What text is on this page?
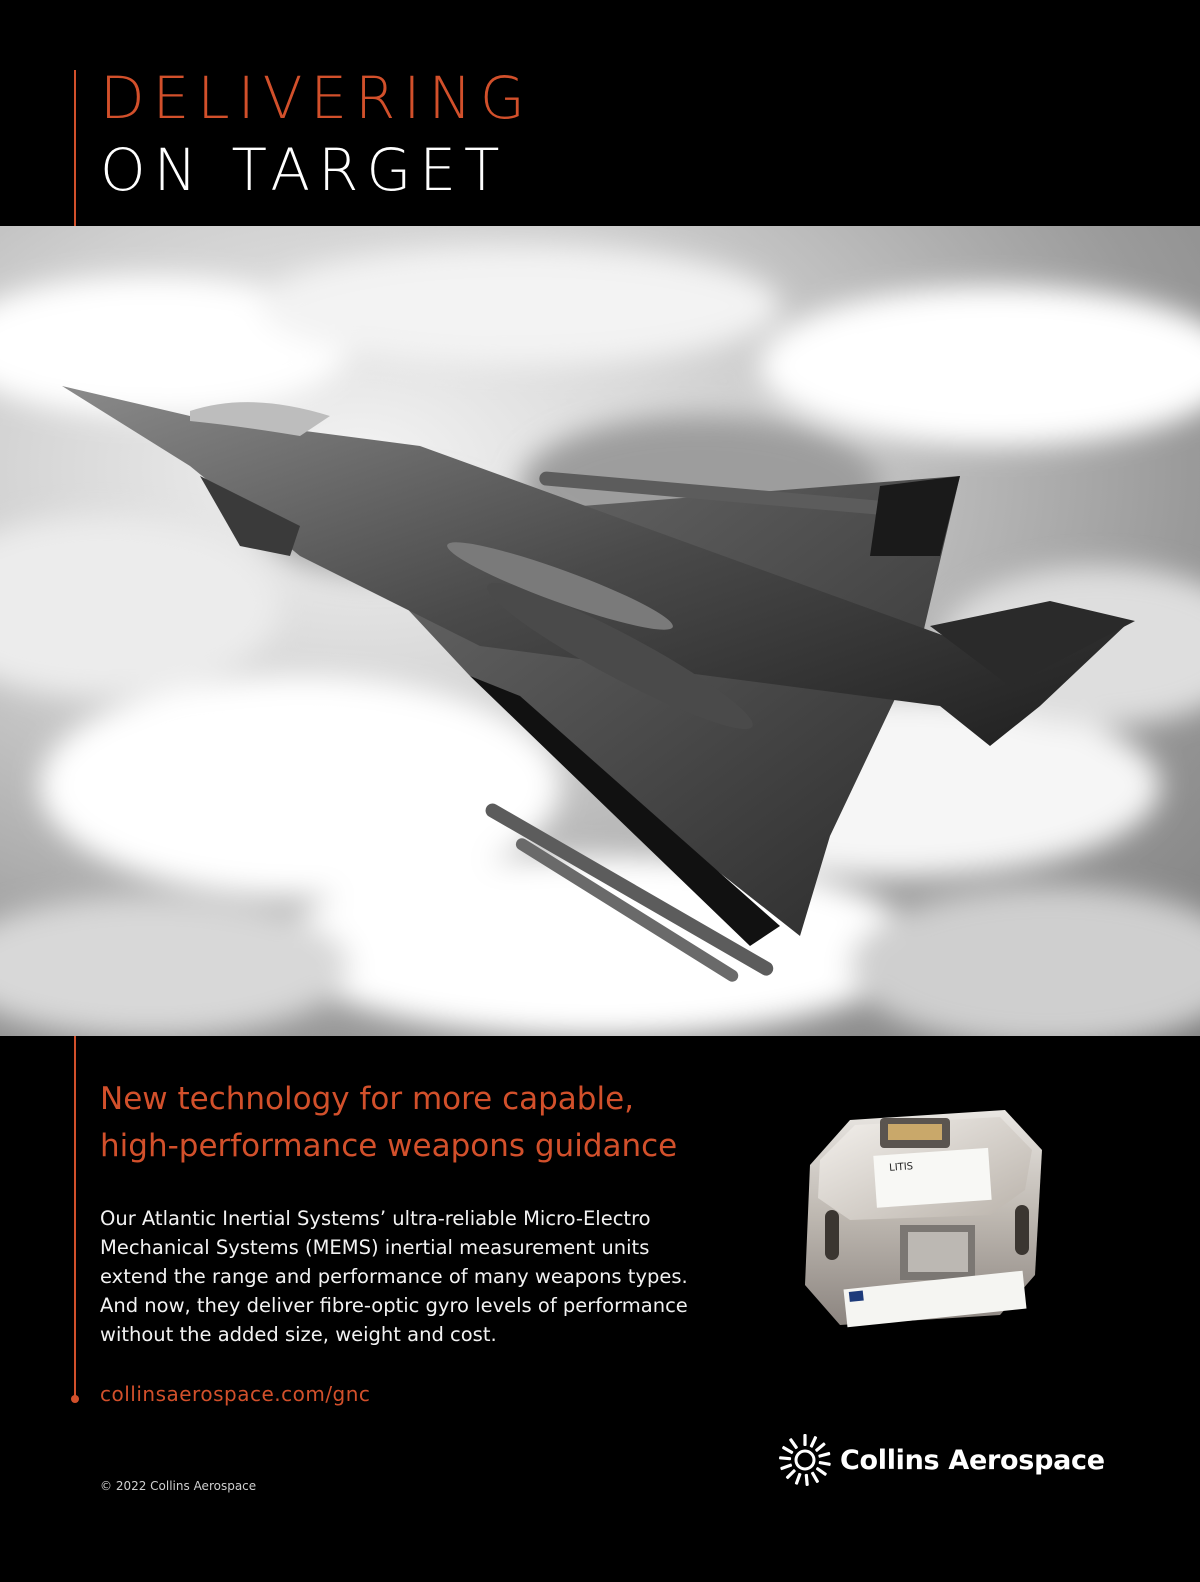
DELIVERING
ON TARGET
New technology for more capable,
high-performance weapons guidance
Our Atlantic Inertial Systems’ ultra-reliable Micro-Electro
Mechanical Systems (MEMS) inertial measurement units
extend the range and performance of many weapons types.
And now, they deliver fibre-optic gyro levels of performance
without the added size, weight and cost.
collinsaerospace.com/gnc
LITIS
Collins Aerospace
© 2022 Collins Aerospace
